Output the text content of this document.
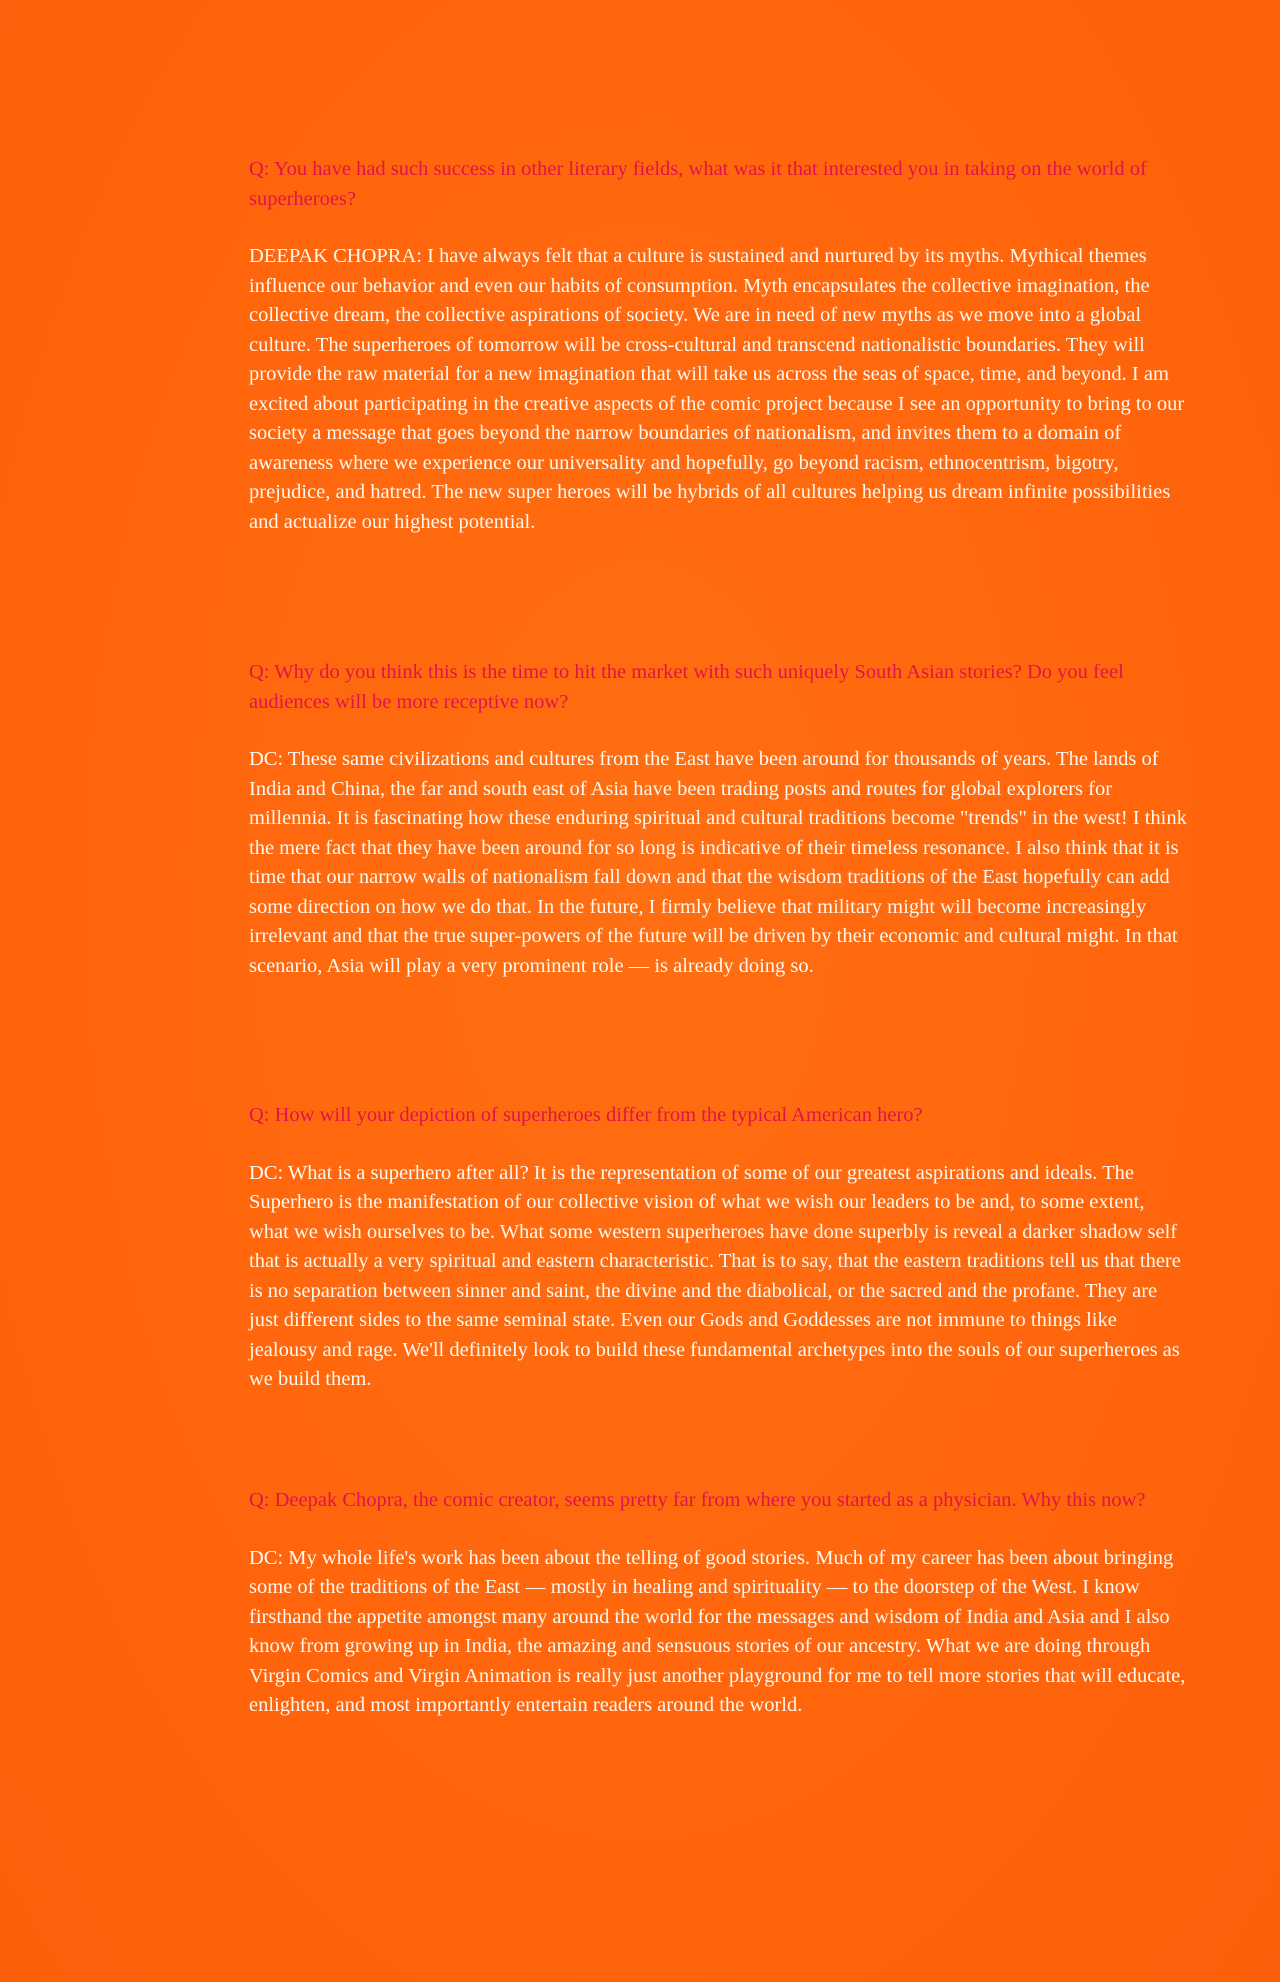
Q: You have had such success in other literary fields, what was it that interested you in taking on the world of superheroes?

DEEPAK CHOPRA: I have always felt that a culture is sustained and nurtured by its myths. Mythical themes influence our behavior and even our habits of consumption. Myth encapsulates the collective imagination, the collective dream, the collective aspirations of society. We are in need of new myths as we move into a global culture. The superheroes of tomorrow will be cross-cultural and transcend nationalistic boundaries. They will provide the raw material for a new imagination that will take us across the seas of space, time, and beyond. I am excited about participating in the creative aspects of the comic project because I see an opportunity to bring to our society a message that goes beyond the narrow boundaries of nationalism, and invites them to a domain of awareness where we experience our universality and hopefully, go beyond racism, ethnocentrism, bigotry, prejudice, and hatred. The new super heroes will be hybrids of all cultures helping us dream infinite possibilities and actualize our highest potential.

Q: Why do you think this is the time to hit the market with such uniquely South Asian stories? Do you feel audiences will be more receptive now?

DC: These same civilizations and cultures from the East have been around for thousands of years. The lands of India and China, the far and south east of Asia have been trading posts and routes for global explorers for millennia. It is fascinating how these enduring spiritual and cultural traditions become "trends" in the west! I think the mere fact that they have been around for so long is indicative of their timeless resonance. I also think that it is time that our narrow walls of nationalism fall down and that the wisdom traditions of the East hopefully can add some direction on how we do that. In the future, I firmly believe that military might will become increasingly irrelevant and that the true super-powers of the future will be driven by their economic and cultural might. In that scenario, Asia will play a very prominent role — is already doing so.

Q: How will your depiction of superheroes differ from the typical American hero?

DC: What is a superhero after all? It is the representation of some of our greatest aspirations and ideals. The Superhero is the manifestation of our collective vision of what we wish our leaders to be and, to some extent, what we wish ourselves to be. What some western superheroes have done superbly is reveal a darker shadow self that is actually a very spiritual and eastern characteristic. That is to say, that the eastern traditions tell us that there is no separation between sinner and saint, the divine and the diabolical, or the sacred and the profane. They are just different sides to the same seminal state. Even our Gods and Goddesses are not immune to things like jealousy and rage. We'll definitely look to build these fundamental archetypes into the souls of our superheroes as we build them.

Q: Deepak Chopra, the comic creator, seems pretty far from where you started as a physician. Why this now?

DC: My whole life's work has been about the telling of good stories. Much of my career has been about bringing some of the traditions of the East — mostly in healing and spirituality — to the doorstep of the West. I know firsthand the appetite amongst many around the world for the messages and wisdom of India and Asia and I also know from growing up in India, the amazing and sensuous stories of our ancestry. What we are doing through Virgin Comics and Virgin Animation is really just another playground for me to tell more stories that will educate, enlighten, and most importantly entertain readers around the world.
